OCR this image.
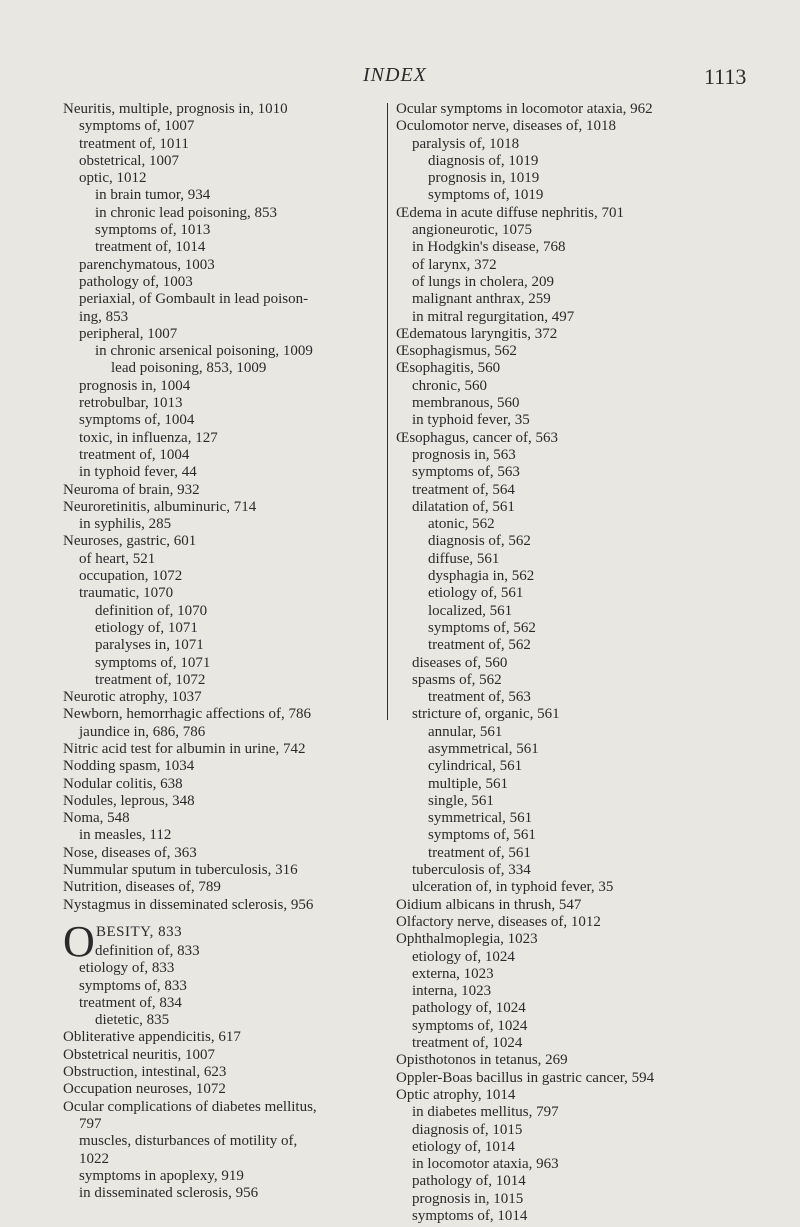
INDEX	1113
Neuritis, multiple, prognosis in, 1010
symptoms of, 1007
treatment of, 1011
obstetrical, 1007
optic, 1012
in brain tumor, 934
in chronic lead poisoning, 853
symptoms of, 1013
treatment of, 1014
parenchymatous, 1003
pathology of, 1003
periaxial, of Gombault in lead poison-
ing, 853
peripheral, 1007
in chronic arsenical poisoning, 1009
lead poisoning, 853, 1009
prognosis in, 1004
retrobulbar, 1013
symptoms of, 1004
toxic, in influenza, 127
treatment of, 1004
in typhoid fever, 44
Neuroma of brain, 932
Neuroretinitis, albuminuric, 714
in syphilis, 285
Neuroses, gastric, 601
of heart, 521
occupation, 1072
traumatic, 1070
definition of, 1070
etiology of, 1071
paralyses in, 1071
symptoms of, 1071
treatment of, 1072
Neurotic atrophy, 1037
Newborn, hemorrhagic affections of, 786
jaundice in, 686, 786
Nitric acid test for albumin in urine, 742
Nodding spasm, 1034
Nodular colitis, 638
Nodules, leprous, 348
Noma, 548
in measles, 112
Nose, diseases of, 363
Nummular sputum in tuberculosis, 316
Nutrition, diseases of, 789
Nystagmus in disseminated sclerosis, 956
O BESITY, 833
definition of, 833
etiology of, 833
symptoms of, 833
treatment of, 834
dietetic, 835
Obliterative appendicitis, 617
Obstetrical neuritis, 1007
Obstruction, intestinal, 623
Occupation neuroses, 1072
Ocular complications of diabetes mellitus,
797
muscles, disturbances of motility of,
1022
symptoms in apoplexy, 919
in disseminated sclerosis, 956
Ocular symptoms in locomotor ataxia, 962
Oculomotor nerve, diseases of, 1018
paralysis of, 1018
diagnosis of, 1019
prognosis in, 1019
symptoms of, 1019
Œdema in acute diffuse nephritis, 701
angioneurotic, 1075
in Hodgkin's disease, 768
of larynx, 372
of lungs in cholera, 209
malignant anthrax, 259
in mitral regurgitation, 497
Œdematous laryngitis, 372
Œsophagismus, 562
Œsophagitis, 560
chronic, 560
membranous, 560
in typhoid fever, 35
Œsophagus, cancer of, 563
prognosis in, 563
symptoms of, 563
treatment of, 564
dilatation of, 561
atonic, 562
diagnosis of, 562
diffuse, 561
dysphagia in, 562
etiology of, 561
localized, 561
symptoms of, 562
treatment of, 562
diseases of, 560
spasms of, 562
treatment of, 563
stricture of, organic, 561
annular, 561
asymmetrical, 561
cylindrical, 561
multiple, 561
single, 561
symmetrical, 561
symptoms of, 561
treatment of, 561
tuberculosis of, 334
ulceration of, in typhoid fever, 35
Oidium albicans in thrush, 547
Olfactory nerve, diseases of, 1012
Ophthalmoplegia, 1023
etiology of, 1024
externa, 1023
interna, 1023
pathology of, 1024
symptoms of, 1024
treatment of, 1024
Opisthotonos in tetanus, 269
Oppler-Boas bacillus in gastric cancer, 594
Optic atrophy, 1014
in diabetes mellitus, 797
diagnosis of, 1015
etiology of, 1014
in locomotor ataxia, 963
pathology of, 1014
prognosis in, 1015
symptoms of, 1014
